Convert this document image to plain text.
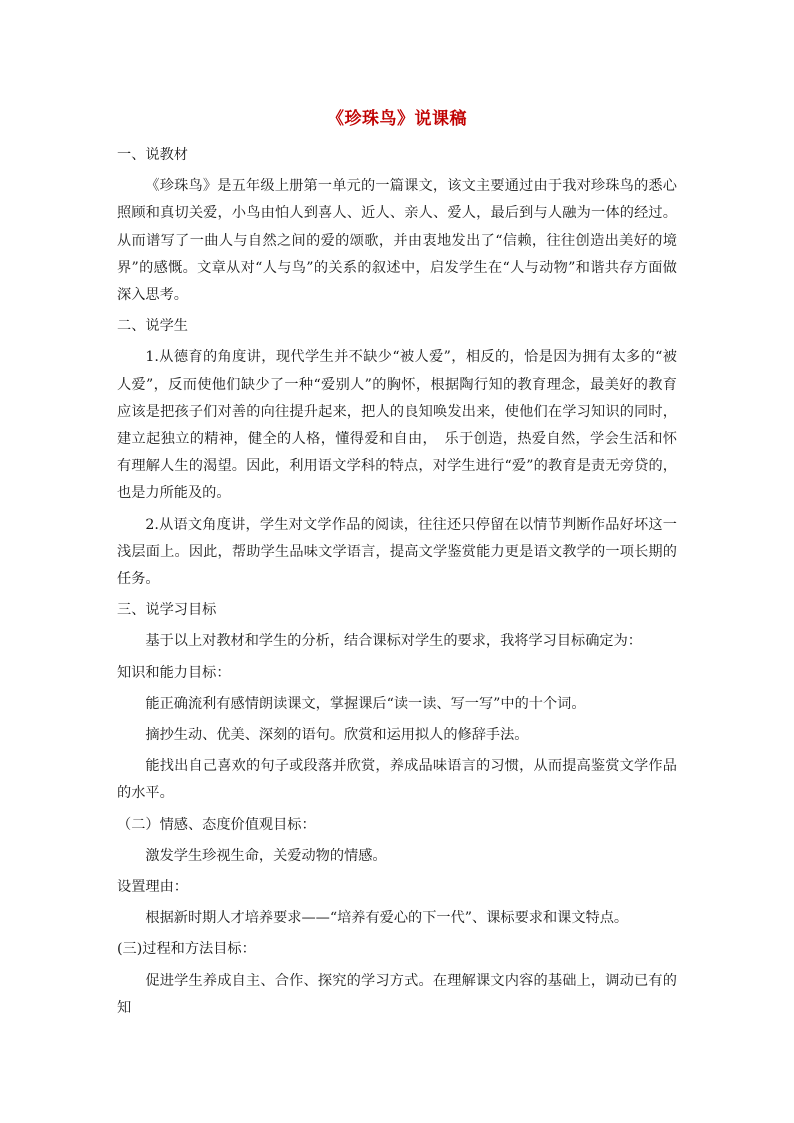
《珍珠鸟》说课稿

一、说教材

《珍珠鸟》是五年级上册第一单元的一篇课文，该文主要通过由于我对珍珠鸟的悉心照顾和真切关爱，小鸟由怕人到喜人、近人、亲人、爱人，最后到与人融为一体的经过。从而谱写了一曲人与自然之间的爱的颂歌，并由衷地发出了“信赖，往往创造出美好的境界”的感慨。文章从对“人与鸟”的关系的叙述中，启发学生在“人与动物”和谐共存方面做深入思考。

二、说学生

1.从德育的角度讲，现代学生并不缺少“被人爱”，相反的，恰是因为拥有太多的“被人爱”，反而使他们缺少了一种“爱别人”的胸怀，根据陶行知的教育理念，最美好的教育应该是把孩子们对善的向往提升起来，把人的良知唤发出来，使他们在学习知识的同时，建立起独立的精神，健全的人格，懂得爱和自由，　乐于创造，热爱自然，学会生活和怀有理解人生的渴望。因此，利用语文学科的特点，对学生进行“爱”的教育是责无旁贷的，也是力所能及的。

2.从语文角度讲，学生对文学作品的阅读，往往还只停留在以情节判断作品好坏这一浅层面上。因此，帮助学生品味文学语言，提高文学鉴赏能力更是语文教学的一项长期的任务。

三、说学习目标

基于以上对教材和学生的分析，结合课标对学生的要求，我将学习目标确定为：

知识和能力目标：

能正确流利有感情朗读课文，掌握课后“读一读、写一写”中的十个词。

摘抄生动、优美、深刻的语句。欣赏和运用拟人的修辞手法。

能找出自己喜欢的句子或段落并欣赏，养成品味语言的习惯，从而提高鉴赏文学作品的水平。

（二）情感、态度价值观目标：

激发学生珍视生命，关爱动物的情感。

设置理由：

根据新时期人才培养要求——“培养有爱心的下一代”、课标要求和课文特点。

(三)过程和方法目标：

促进学生养成自主、合作、探究的学习方式。在理解课文内容的基础上，调动已有的知
